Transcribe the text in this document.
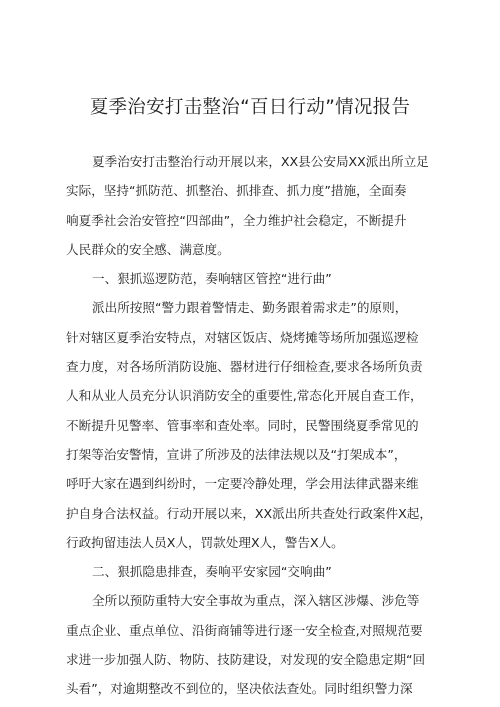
夏季治安打击整治“百日行动”情况报告
夏季治安打击整治行动开展以来，XX县公安局XX派出所立足
实际，坚持“抓防范、抓整治、抓排查、抓力度”措施，全面奏
响夏季社会治安管控“四部曲”，全力维护社会稳定，不断提升
人民群众的安全感、满意度。
一、狠抓巡逻防范，奏响辖区管控“进行曲”
派出所按照“警力跟着警情走、勤务跟着需求走”的原则，
针对辖区夏季治安特点，对辖区饭店、烧烤摊等场所加强巡逻检
查力度，对各场所消防设施、器材进行仔细检查,要求各场所负责
人和从业人员充分认识消防安全的重要性,常态化开展自查工作，
不断提升见警率、管事率和查处率。同时，民警围绕夏季常见的
打架等治安警情，宣讲了所涉及的法律法规以及“打架成本”，
呼吁大家在遇到纠纷时，一定要冷静处理，学会用法律武器来维
护自身合法权益。行动开展以来，XX派出所共查处行政案件X起，
行政拘留违法人员X人，罚款处理X人，警告X人。
二、狠抓隐患排查，奏响平安家园“交响曲”
全所以预防重特大安全事故为重点，深入辖区涉爆、涉危等
重点企业、重点单位、沿街商铺等进行逐一安全检查,对照规范要
求进一步加强人防、物防、技防建设，对发现的安全隐患定期“回
头看”，对逾期整改不到位的，坚决依法查处。同时组织警力深
